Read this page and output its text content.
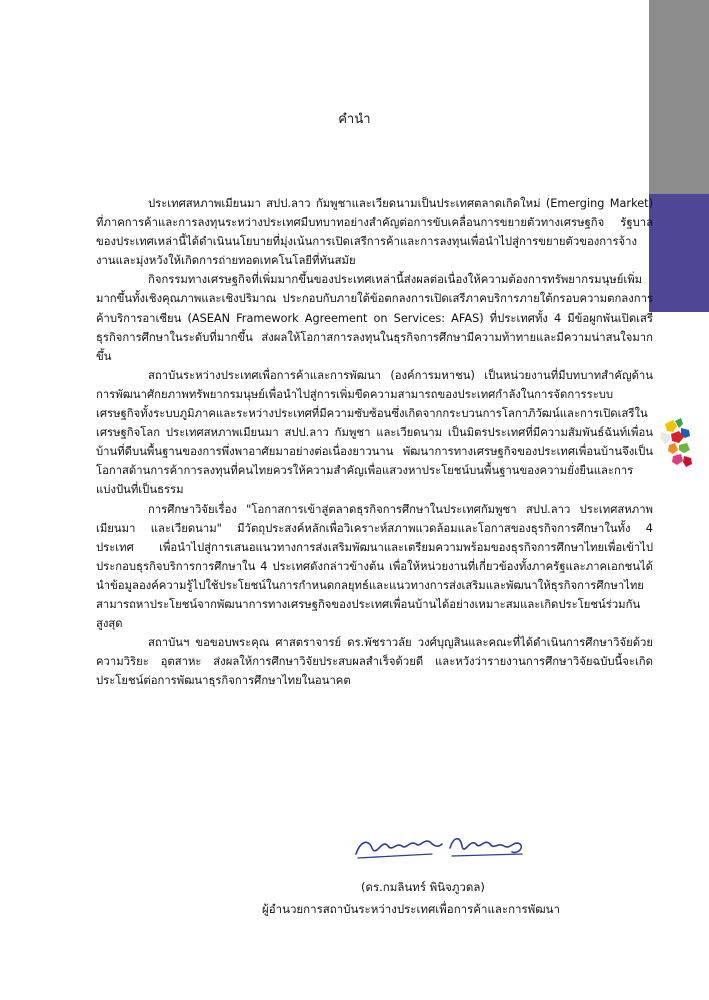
คำนำ

ประเทศสหภาพเมียนมา สปป.ลาว กัมพูชาและเวียดนามเป็นประเทศตลาดเกิดใหม่ (Emerging Market) ที่ภาคการค้าและการลงทุนระหว่างประเทศมีบทบาทอย่างสำคัญต่อการขับเคลื่อนการขยายตัวทางเศรษฐกิจ รัฐบาลของประเทศเหล่านี้ได้ดำเนินนโยบายที่มุ่งเน้นการเปิดเสรีการค้าและการลงทุนเพื่อนำไปสู่การขยายตัวของการจ้างงานและมุ่งหวังให้เกิดการถ่ายทอดเทคโนโลยีที่ทันสมัย

กิจกรรมทางเศรษฐกิจที่เพิ่มมากขึ้นของประเทศเหล่านี้ส่งผลต่อเนื่องให้ความต้องการทรัพยากรมนุษย์เพิ่มมากขึ้นทั้งเชิงคุณภาพและเชิงปริมาณ ประกอบกับภายใต้ข้อตกลงการเปิดเสรีภาคบริการภายใต้กรอบความตกลงการค้าบริการอาเซียน (ASEAN Framework Agreement on Services: AFAS) ที่ประเทศทั้ง 4 มีข้อผูกพันเปิดเสรีธุรกิจการศึกษาในระดับที่มากขึ้น ส่งผลให้โอกาสการลงทุนในธุรกิจการศึกษามีความท้าทายและมีความน่าสนใจมากขึ้น

สถาบันระหว่างประเทศเพื่อการค้าและการพัฒนา (องค์การมหาชน) เป็นหน่วยงานที่มีบทบาทสำคัญด้านการพัฒนาศักยภาพทรัพยากรมนุษย์เพื่อนำไปสู่การเพิ่มขีดความสามารถของประเทศกำลังในการจัดการระบบเศรษฐกิจทั้งระบบภูมิภาคและระหว่างประเทศที่มีความซับซ้อนซึ่งเกิดจากกระบวนการโลกาภิวัฒน์และการเปิดเสรีในเศรษฐกิจโลก ประเทศสหภาพเมียนมา สปป.ลาว กัมพูชา และเวียดนาม เป็นมิตรประเทศที่มีความสัมพันธ์ฉันท์เพื่อนบ้านที่ดีบนพื้นฐานของการพึ่งพาอาศัยมาอย่างต่อเนื่องยาวนาน พัฒนาการทางเศรษฐกิจของประเทศเพื่อนบ้านจึงเป็นโอกาสด้านการค้าการลงทุนที่คนไทยควรให้ความสำคัญเพื่อแสวงหาประโยชน์บนพื้นฐานของความยั่งยืนและการแบ่งปันที่เป็นธรรม

การศึกษาวิจัยเรื่อง "โอกาสการเข้าสู่ตลาดธุรกิจการศึกษาในประเทศกัมพูชา สปป.ลาว ประเทศสหภาพเมียนมา และเวียดนาม" มีวัตถุประสงค์หลักเพื่อวิเคราะห์สภาพแวดล้อมและโอกาสของธุรกิจการศึกษาในทั้ง 4 ประเทศ เพื่อนำไปสู่การเสนอแนวทางการส่งเสริมพัฒนาและเตรียมความพร้อมของธุรกิจการศึกษาไทยเพื่อเข้าไปประกอบธุรกิจบริการการศึกษาใน 4 ประเทศดังกล่าวข้างต้น เพื่อให้หน่วยงานที่เกี่ยวข้องทั้งภาครัฐและภาคเอกชนได้นำข้อมูลองค์ความรู้ไปใช้ประโยชน์ในการกำหนดกลยุทธ์และแนวทางการส่งเสริมและพัฒนาให้ธุรกิจการศึกษาไทยสามารถหาประโยชน์จากพัฒนาการทางเศรษฐกิจของประเทศเพื่อนบ้านได้อย่างเหมาะสมและเกิดประโยชน์ร่วมกันสูงสุด

สถาบันฯ ขอขอบพระคุณ ศาสตราจารย์ ดร.พัชราวลัย วงศ์บุญสินและคณะที่ได้ดำเนินการศึกษาวิจัยด้วยความวิริยะ อุตสาหะ ส่งผลให้การศึกษาวิจัยประสบผลสำเร็จด้วยดี และหวังว่ารายงานการศึกษาวิจัยฉบับนี้จะเกิดประโยชน์ต่อการพัฒนาธุรกิจการศึกษาไทยในอนาคต

(ดร.กมลินทร์ พินิจภูวดล)
ผู้อำนวยการสถาบันระหว่างประเทศเพื่อการค้าและการพัฒนา
